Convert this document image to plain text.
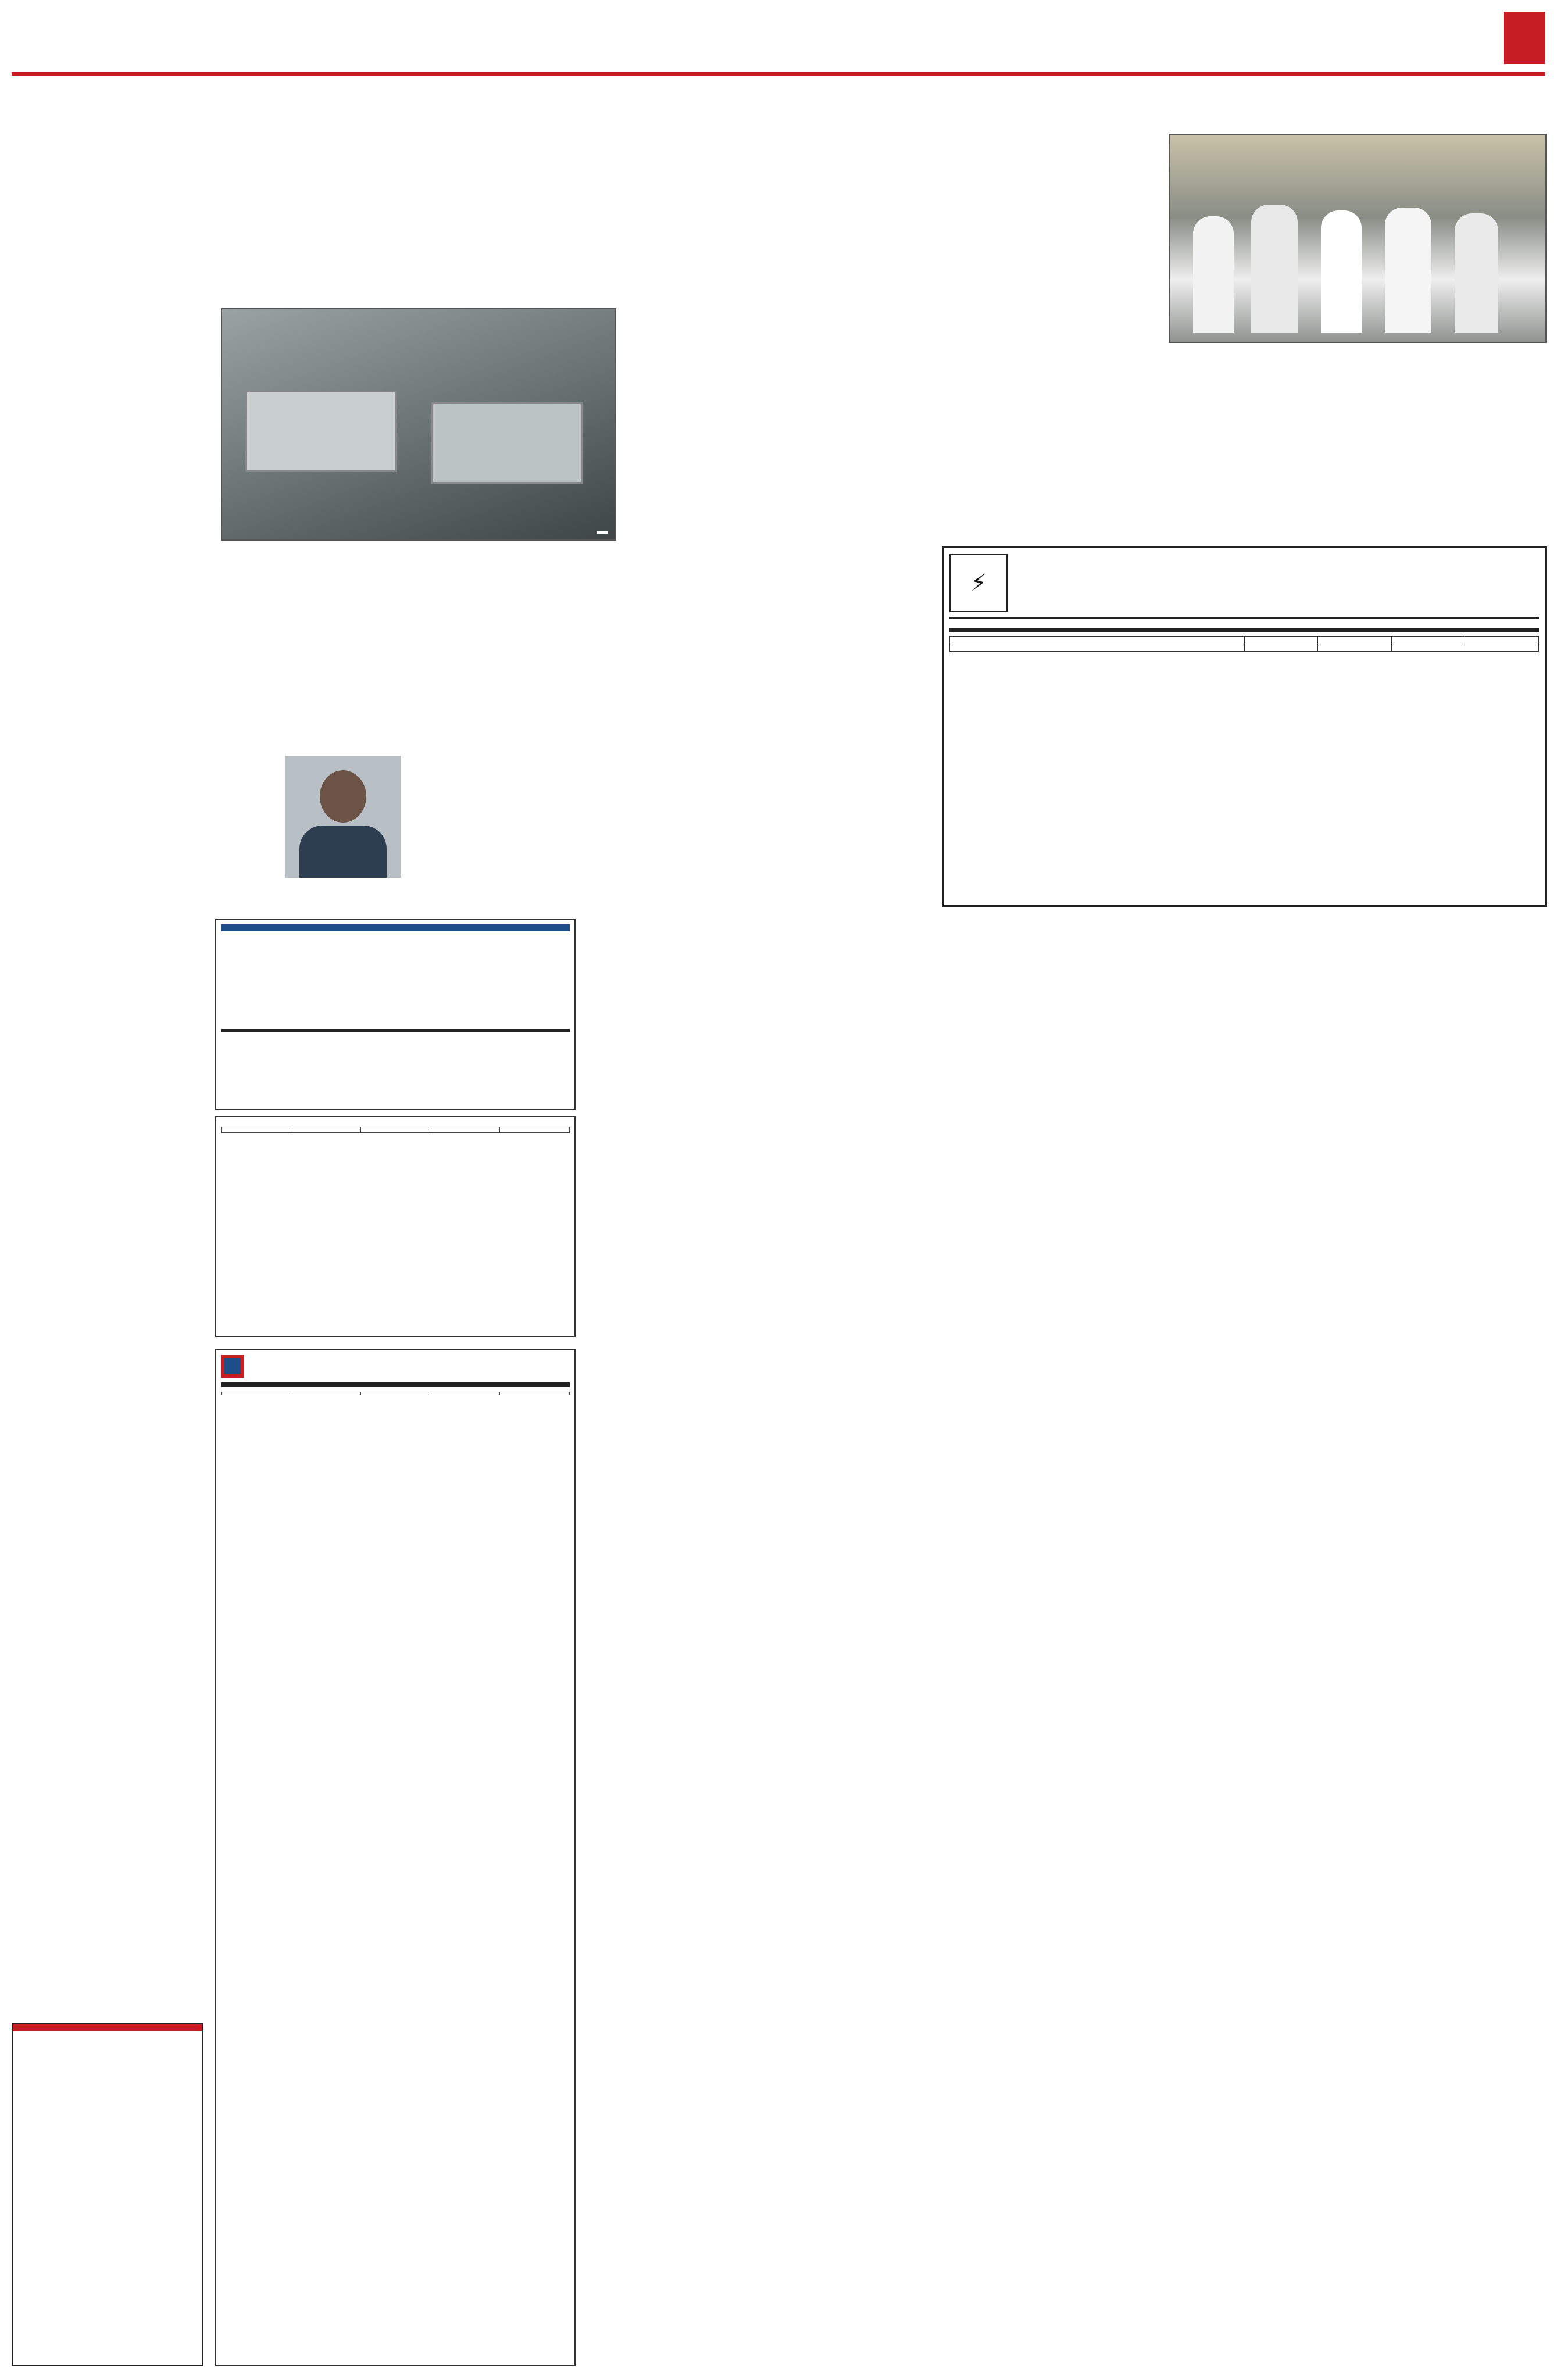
⚡
